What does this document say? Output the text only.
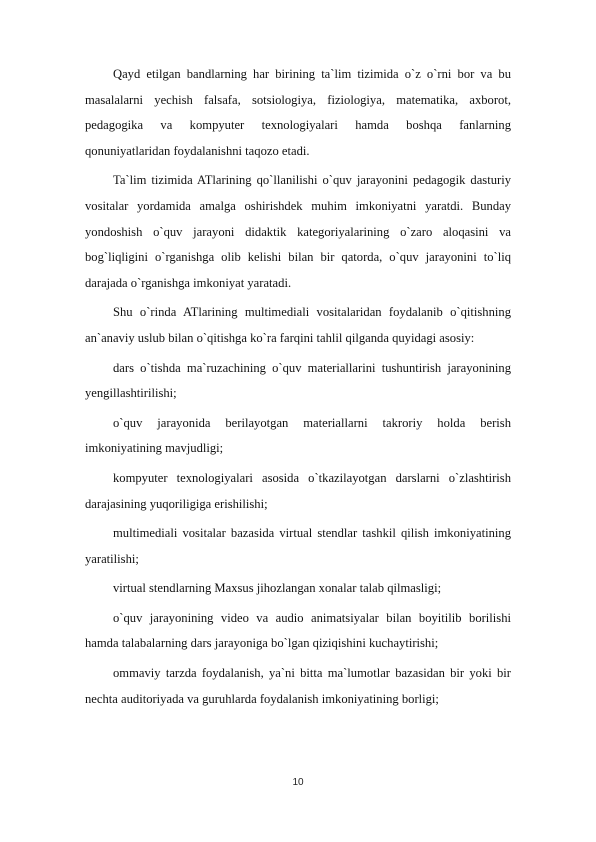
Qayd etilgan bandlarning har birining ta`lim tizimida o`z o`rni bor va bu masalalarni yechish falsafa, sotsiologiya, fiziologiya, matematika, axborot, pedagogika va kompyuter texnologiyalari hamda boshqa fanlarning qonuniyatlaridan foydalanishni taqozo etadi.

Ta`lim tizimida ATlarining qo`llanilishi o`quv jarayonini pedagogik dasturiy vositalar yordamida amalga oshirishdek muhim imkoniyatni yaratdi. Bunday yondoshish o`quv jarayoni didaktik kategoriyalarining o`zaro aloqasini va bog`liqligini o`rganishga olib kelishi bilan bir qatorda, o`quv jarayonini to`liq darajada o`rganishga imkoniyat yaratadi.

Shu o`rinda ATlarining multimediali vositalaridan foydalanib o`qitishning an`anaviy uslub bilan o`qitishga ko`ra farqini tahlil qilganda quyidagi asosiy:

dars o`tishda ma`ruzachining o`quv materiallarini tushuntirish jarayonining yengillashtirilishi;

o`quv jarayonida berilayotgan materiallarni takroriy holda berish imkoniyatining mavjudligi;

kompyuter texnologiyalari asosida o`tkazilayotgan darslarni o`zlashtirish darajasining yuqoriligiga erishilishi;

multimediali vositalar bazasida virtual stendlar tashkil qilish imkoniyatining yaratilishi;

virtual stendlarning Maxsus jihozlangan xonalar talab qilmasligi;

o`quv jarayonining video va audio animatsiyalar bilan boyitilib borilishi hamda talabalarning dars jarayoniga bo`lgan qiziqishini kuchaytirishi;

ommaviy tarzda foydalanish, ya`ni bitta ma`lumotlar bazasidan bir yoki bir nechta auditoriyada va guruhlarda foydalanish imkoniyatining borligi;

10
